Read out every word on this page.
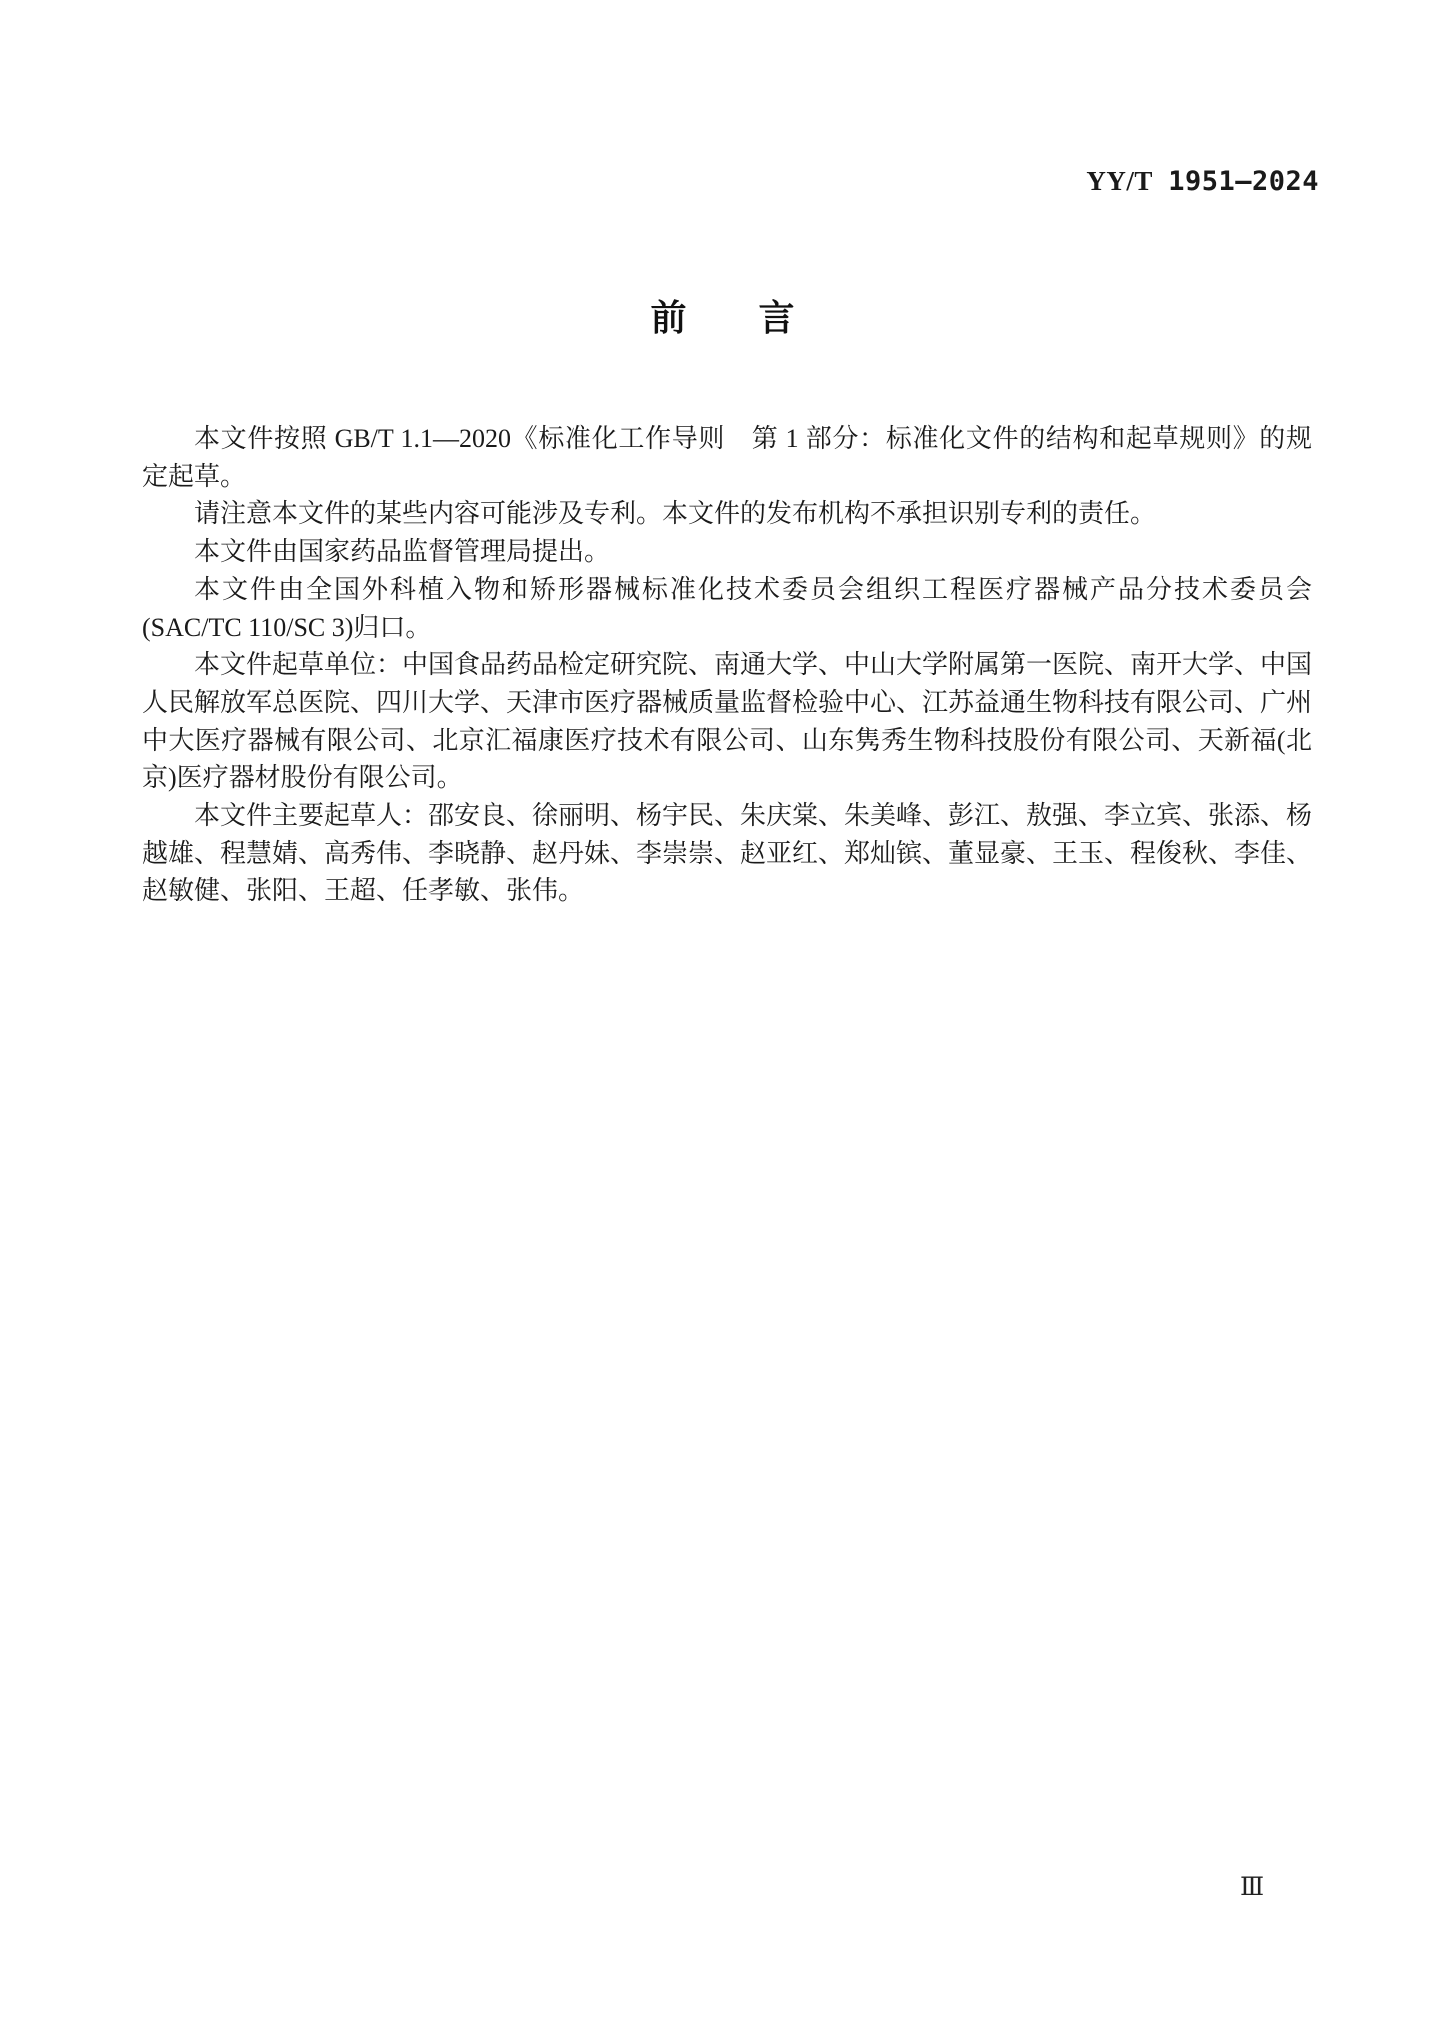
YY/T 1951—2024
前　　言

本文件按照 GB/T 1.1—2020《标准化工作导则　第 1 部分：标准化文件的结构和起草规则》的规定起草。

请注意本文件的某些内容可能涉及专利。本文件的发布机构不承担识别专利的责任。

本文件由国家药品监督管理局提出。

本文件由全国外科植入物和矫形器械标准化技术委员会组织工程医疗器械产品分技术委员会(SAC/TC 110/SC 3)归口。

本文件起草单位：中国食品药品检定研究院、南通大学、中山大学附属第一医院、南开大学、中国人民解放军总医院、四川大学、天津市医疗器械质量监督检验中心、江苏益通生物科技有限公司、广州中大医疗器械有限公司、北京汇福康医疗技术有限公司、山东隽秀生物科技股份有限公司、天新福(北京)医疗器材股份有限公司。

本文件主要起草人：邵安良、徐丽明、杨宇民、朱庆棠、朱美峰、彭江、敖强、李立宾、张添、杨越雄、程慧婧、高秀伟、李晓静、赵丹妹、李崇崇、赵亚红、郑灿镔、董显豪、王玉、程俊秋、李佳、赵敏健、张阳、王超、任孝敏、张伟。

Ⅲ
